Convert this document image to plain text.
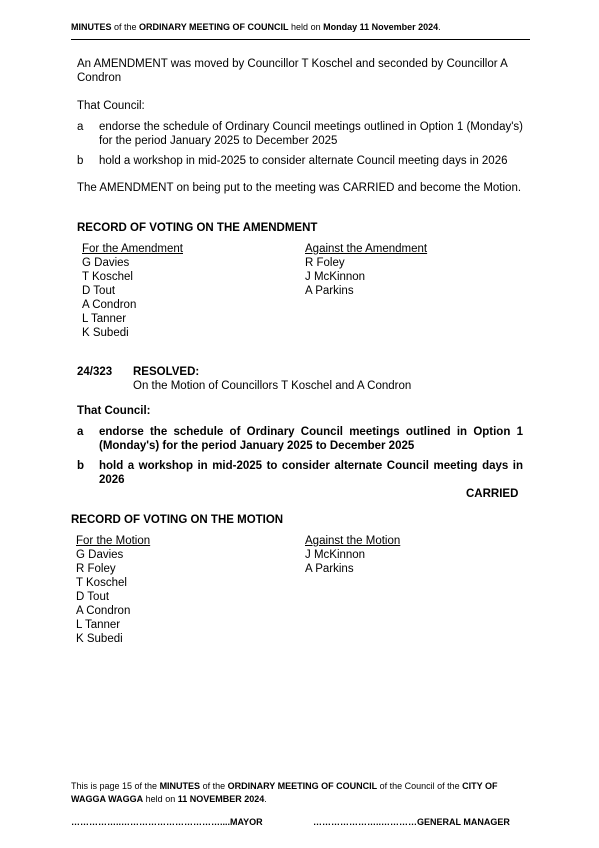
MINUTES of the ORDINARY MEETING OF COUNCIL held on Monday 11 November 2024.
An AMENDMENT was moved by Councillor T Koschel and seconded by Councillor A Condron
That Council:
a endorse the schedule of Ordinary Council meetings outlined in Option 1 (Monday's) for the period January 2025 to December 2025
b hold a workshop in mid-2025 to consider alternate Council meeting days in 2026
The AMENDMENT on being put to the meeting was CARRIED and become the Motion.
RECORD OF VOTING ON THE AMENDMENT
For the Amendment
G Davies
T Koschel
D Tout
A Condron
L Tanner
K Subedi
Against the Amendment
R Foley
J McKinnon
A Parkins
24/323 RESOLVED:
On the Motion of Councillors T Koschel and A Condron
That Council:
a endorse the schedule of Ordinary Council meetings outlined in Option 1 (Monday's) for the period January 2025 to December 2025
b hold a workshop in mid-2025 to consider alternate Council meeting days in 2026
CARRIED
RECORD OF VOTING ON THE MOTION
For the Motion
G Davies
R Foley
T Koschel
D Tout
A Condron
L Tanner
K Subedi
Against the Motion
J McKinnon
A Parkins
This is page 15 of the MINUTES of the ORDINARY MEETING OF COUNCIL of the Council of the CITY OF WAGGA WAGGA held on 11 NOVEMBER 2024.
……………..……………………………....MAYOR	…………………..…………GENERAL MANAGER
